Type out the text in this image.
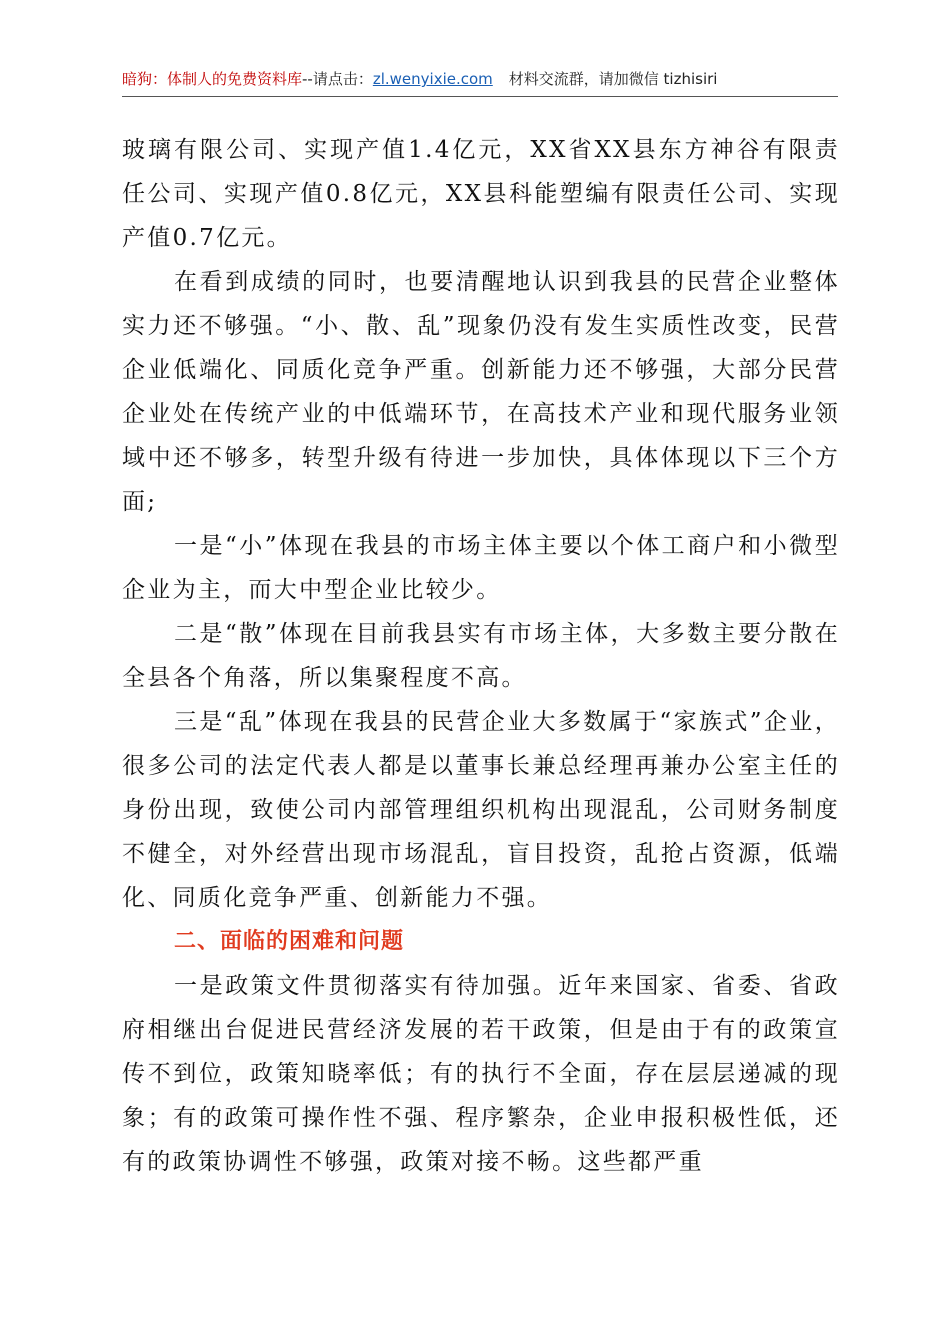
暗狗：体制人的免费资料库--请点击：zl.wenyixie.com 材料交流群，请加微信 tizhisiri

玻璃有限公司、实现产值1.4亿元，XX省XX县东方神谷有限责任公司、实现产值0.8亿元，XX县科能塑编有限责任公司、实现产值0.7亿元。

在看到成绩的同时，也要清醒地认识到我县的民营企业整体实力还不够强。“小、散、乱”现象仍没有发生实质性改变，民营企业低端化、同质化竞争严重。创新能力还不够强，大部分民营企业处在传统产业的中低端环节，在高技术产业和现代服务业领域中还不够多，转型升级有待进一步加快，具体体现以下三个方面;

一是“小”体现在我县的市场主体主要以个体工商户和小微型企业为主，而大中型企业比较少。

二是“散”体现在目前我县实有市场主体，大多数主要分散在全县各个角落，所以集聚程度不高。

三是“乱”体现在我县的民营企业大多数属于“家族式”企业，很多公司的法定代表人都是以董事长兼总经理再兼办公室主任的身份出现，致使公司内部管理组织机构出现混乱，公司财务制度不健全，对外经营出现市场混乱，盲目投资，乱抢占资源，低端化、同质化竞争严重、创新能力不强。

二、面临的困难和问题

一是政策文件贯彻落实有待加强。近年来国家、省委、省政府相继出台促进民营经济发展的若干政策，但是由于有的政策宣传不到位，政策知晓率低；有的执行不全面，存在层层递减的现象；有的政策可操作性不强、程序繁杂，企业申报积极性低，还有的政策协调性不够强，政策对接不畅。这些都严重
